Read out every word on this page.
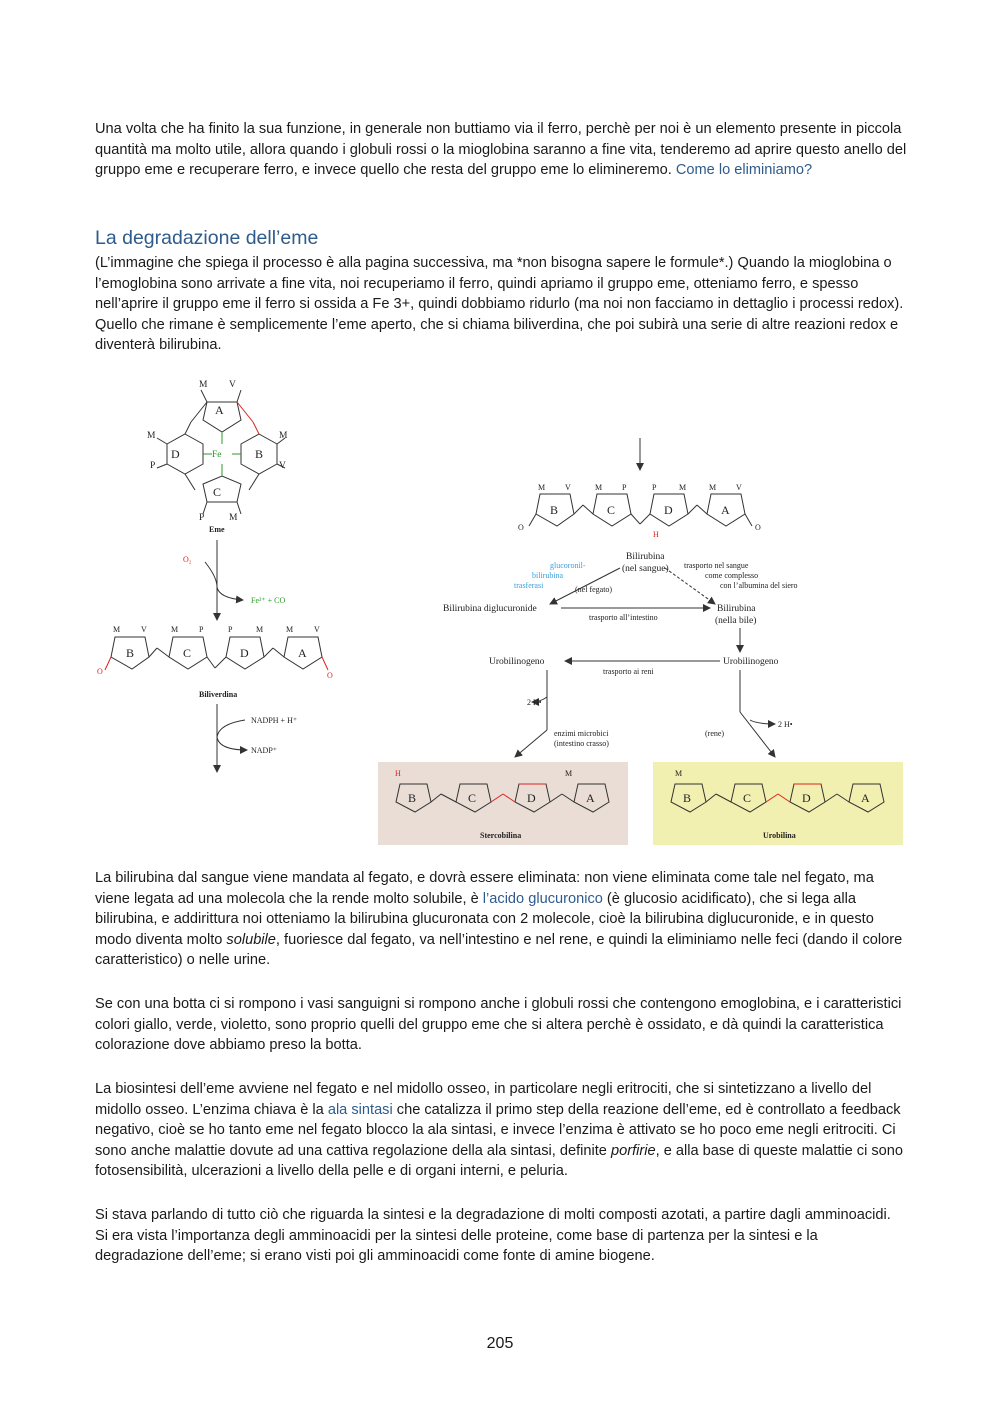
Una volta che ha finito la sua funzione, in generale non buttiamo via il ferro, perchè per noi è un elemento presente in piccola quantità ma molto utile, allora quando i globuli rossi o la mioglobina saranno a fine vita, tenderemo ad aprire questo anello del gruppo eme e recuperare ferro, e invece quello che resta del gruppo eme lo elimineremo. Come lo eliminiamo?

La degradazione dell’eme

(L’immagine che spiega il processo è alla pagina successiva, ma *non bisogna sapere le formule*.) Quando la mioglobina o l’emoglobina sono arrivate a fine vita, noi recuperiamo il ferro, quindi apriamo il gruppo eme, otteniamo ferro, e spesso nell’aprire il gruppo eme il ferro si ossida a Fe 3+, quindi dobbiamo ridurlo (ma noi non facciamo in dettaglio i processi redox). Quello che rimane è semplicemente l’eme aperto, che si chiama biliverdina, che poi subirà una serie di altre reazioni redox e diventerà bilirubina.

M V
A
D	B
C
Fe
M
P
M
V
P	M
Eme
O₂
Fe³⁺ + CO
M	V	M	P	P	M	M	V
B	C	D	A
O	O
Biliverdina
NADPH + H⁺
NADP⁺
M V	M P	P	M	M V
B	C	D	A
O	O
H
Bilirubina
(nel sangue)
glucoronil-
bilirubina
trasferasi	(nel fegato)
trasporto nel sangue
come complesso
con l’albumina del siero
Bilirubina diglucuronide
trasporto all’intestino
Bilirubina
(nella bile)
Urobilinogeno
trasporto ai reni
Urobilinogeno
2 H•
enzimi microbici
(intestino crasso)
2 H•
(rene)
H	M
B	C	D	A
Stercobilina
M
B	C	D	A
Urobilina

La bilirubina dal sangue viene mandata al fegato, e dovrà essere eliminata: non viene eliminata come tale nel fegato, ma viene legata ad una molecola che la rende molto solubile, è l’acido glucuronico (è glucosio acidificato), che si lega alla bilirubina, e addirittura noi otteniamo la bilirubina glucuronata con 2 molecole, cioè la bilirubina diglucuronide, e in questo modo diventa molto solubile, fuoriesce dal fegato, va nell’intestino e nel rene, e quindi la eliminiamo nelle feci (dando il colore caratteristico) o nelle urine.

Se con una botta ci si rompono i vasi sanguigni si rompono anche i globuli rossi che contengono emoglobina, e i caratteristici colori giallo, verde, violetto, sono proprio quelli del gruppo eme che si altera perchè è ossidato, e dà quindi la caratteristica colorazione dove abbiamo preso la botta.

La biosintesi dell’eme avviene nel fegato e nel midollo osseo, in particolare negli eritrociti, che si sintetizzano a livello del midollo osseo. L’enzima chiava è la ala sintasi che catalizza il primo step della reazione dell’eme, ed è controllato a feedback negativo, cioè se ho tanto eme nel fegato blocco la ala sintasi, e invece l’enzima è attivato se ho poco eme negli eritrociti. Ci sono anche malattie dovute ad una cattiva regolazione della ala sintasi, definite porfirie, e alla base di queste malattie ci sono fotosensibilità, ulcerazioni a livello della pelle e di organi interni, e peluria.

Si stava parlando di tutto ciò che riguarda la sintesi e la degradazione di molti composti azotati, a partire dagli amminoacidi. Si era vista l’importanza degli amminoacidi per la sintesi delle proteine, come base di partenza per la sintesi e la degradazione dell’eme; si erano visti poi gli amminoacidi come fonte di amine biogene.

205
